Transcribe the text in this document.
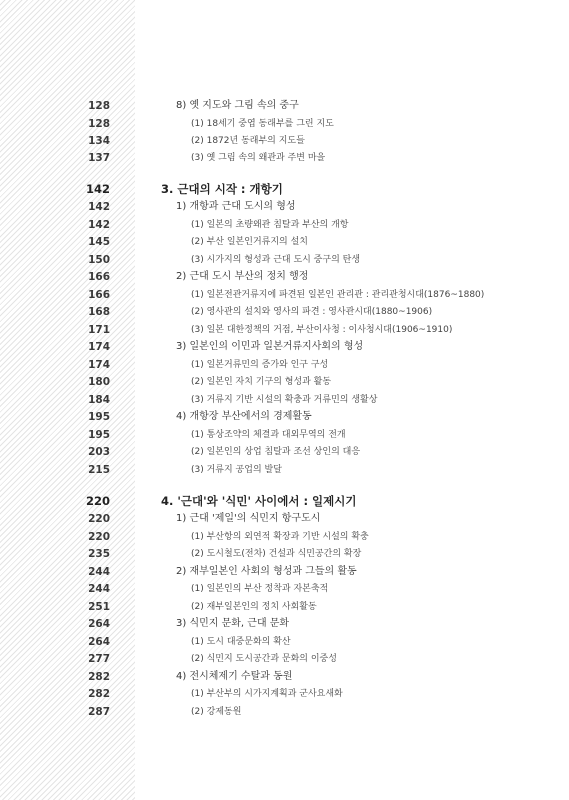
128	8) 옛 지도와 그림 속의 중구
128	(1) 18세기 중엽 동래부를 그린 지도
134	(2) 1872년 동래부의 지도들
137	(3) 옛 그림 속의 왜관과 주변 마을
142	3. 근대의 시작 : 개항기
142	1) 개항과 근대 도시의 형성
142	(1) 일본의 초량왜관 침탈과 부산의 개항
145	(2) 부산 일본인거류지의 설치
150	(3) 시가지의 형성과 근대 도시 중구의 탄생
166	2) 근대 도시 부산의 정치 행정
166	(1) 일본전관거류지에 파견된 일본인 관리관 : 관리관청시대(1876~1880)
168	(2) 영사관의 설치와 영사의 파견 : 영사관시대(1880~1906)
171	(3) 일본 대한정책의 거점, 부산이사청 : 이사청시대(1906~1910)
174	3) 일본인의 이민과 일본거류지사회의 형성
174	(1) 일본거류민의 증가와 인구 구성
180	(2) 일본인 자치 기구의 형성과 활동
184	(3) 거류지 기반 시설의 확충과 거류민의 생활상
195	4) 개항장 부산에서의 경제활동
195	(1) 통상조약의 체결과 대외무역의 전개
203	(2) 일본인의 상업 침탈과 조선 상인의 대응
215	(3) 거류지 공업의 발달
220	4. '근대'와 '식민' 사이에서 : 일제시기
220	1) 근대 '제일'의 식민지 항구도시
220	(1) 부산항의 외연적 확장과 기반 시설의 확충
235	(2) 도시철도(전차) 건설과 식민공간의 확장
244	2) 재부일본인 사회의 형성과 그들의 활동
244	(1) 일본인의 부산 정착과 자본축적
251	(2) 재부일본인의 정치 사회활동
264	3) 식민지 문화, 근대 문화
264	(1) 도시 대중문화의 확산
277	(2) 식민지 도시공간과 문화의 이중성
282	4) 전시체제기 수탈과 동원
282	(1) 부산부의 시가지계획과 군사요새화
287	(2) 강제동원
